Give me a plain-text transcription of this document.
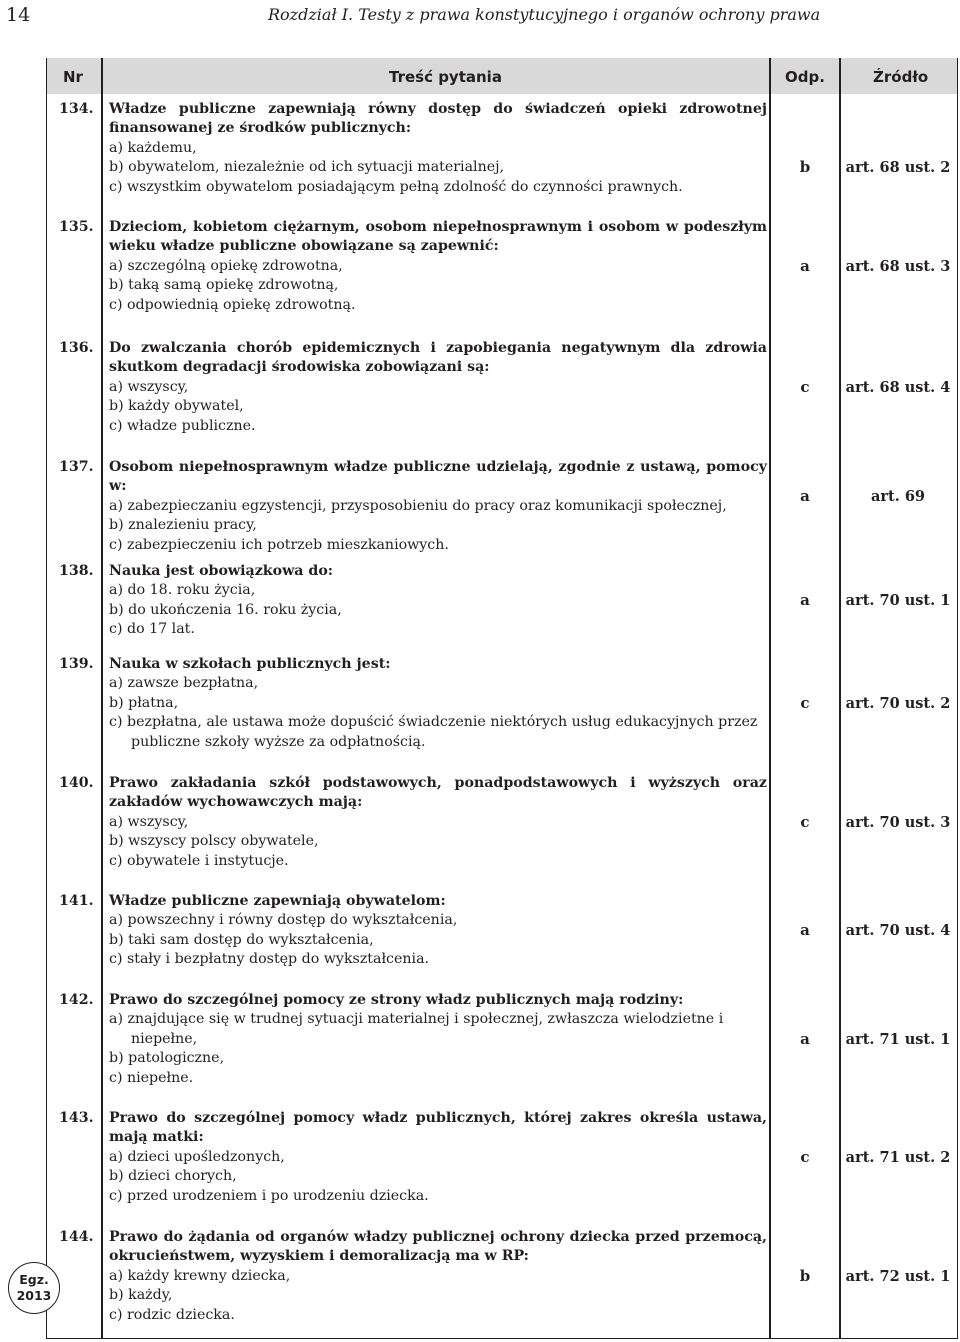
14	Rozdział I. Testy z prawa konstytucyjnego i organów ochrony prawa
Nr	Treść pytania	Odp.	Źródło
134. Władze publiczne zapewniają równy dostęp do świadczeń opieki zdrowotnej finansowanej ze środków publicznych:
a) każdemu,
b) obywatelom, niezależnie od ich sytuacji materialnej,
c) wszystkim obywatelom posiadającym pełną zdolność do czynności prawnych.
b	art. 68 ust. 2
135. Dzieciom, kobietom ciężarnym, osobom niepełnosprawnym i osobom w podeszłym wieku władze publiczne obowiązane są zapewnić:
a) szczególną opiekę zdrowotna,
b) taką samą opiekę zdrowotną,
c) odpowiednią opiekę zdrowotną.
a	art. 68 ust. 3
136. Do zwalczania chorób epidemicznych i zapobiegania negatywnym dla zdrowia skutkom degradacji środowiska zobowiązani są:
a) wszyscy,
b) każdy obywatel,
c) władze publiczne.
c	art. 68 ust. 4
137. Osobom niepełnosprawnym władze publiczne udzielają, zgodnie z ustawą, pomocy w:
a) zabezpieczaniu egzystencji, przysposobieniu do pracy oraz komunikacji społecznej,
b) znalezieniu pracy,
c) zabezpieczeniu ich potrzeb mieszkaniowych.
a	art. 69
138. Nauka jest obowiązkowa do:
a) do 18. roku życia,
b) do ukończenia 16. roku życia,
c) do 17 lat.
a	art. 70 ust. 1
139. Nauka w szkołach publicznych jest:
a) zawsze bezpłatna,
b) płatna,
c) bezpłatna, ale ustawa może dopuścić świadczenie niektórych usług edukacyjnych przez publiczne szkoły wyższe za odpłatnością.
c	art. 70 ust. 2
140. Prawo zakładania szkół podstawowych, ponadpodstawowych i wyższych oraz zakładów wychowawczych mają:
a) wszyscy,
b) wszyscy polscy obywatele,
c) obywatele i instytucje.
c	art. 70 ust. 3
141. Władze publiczne zapewniają obywatelom:
a) powszechny i równy dostęp do wykształcenia,
b) taki sam dostęp do wykształcenia,
c) stały i bezpłatny dostęp do wykształcenia.
a	art. 70 ust. 4
142. Prawo do szczególnej pomocy ze strony władz publicznych mają rodziny:
a) znajdujące się w trudnej sytuacji materialnej i społecznej, zwłaszcza wielodzietne i niepełne,
b) patologiczne,
c) niepełne.
a	art. 71 ust. 1
143. Prawo do szczególnej pomocy władz publicznych, której zakres określa ustawa, mają matki:
a) dzieci upośledzonych,
b) dzieci chorych,
c) przed urodzeniem i po urodzeniu dziecka.
c	art. 71 ust. 2
144. Prawo do żądania od organów władzy publicznej ochrony dziecka przed przemocą, okrucieństwem, wyzyskiem i demoralizacją ma w RP:
a) każdy krewny dziecka,
b) każdy,
c) rodzic dziecka.
b	art. 72 ust. 1
Egz.
2013
